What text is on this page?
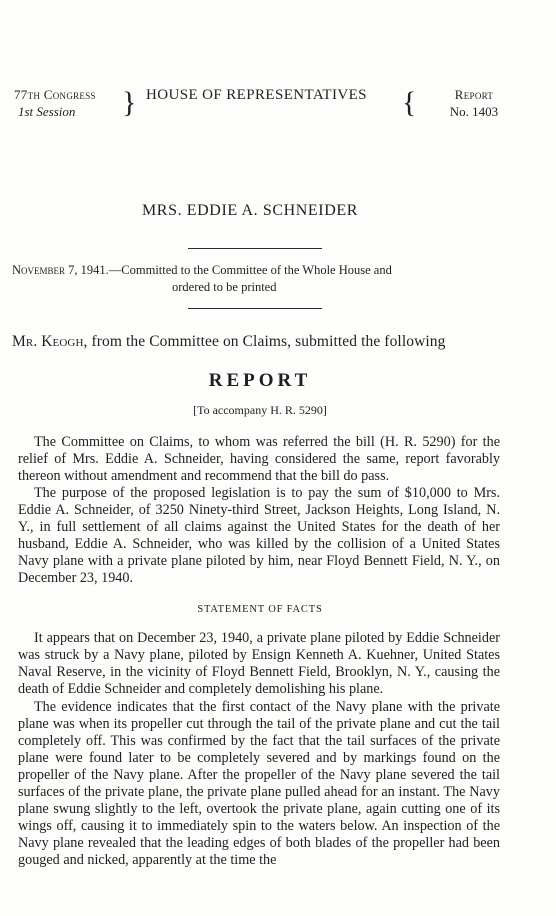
77th Congress
1st Session	} HOUSE OF REPRESENTATIVES {	Report
No. 1403
MRS. EDDIE A. SCHNEIDER
November 7, 1941.—Committed to the Committee of the Whole House and
ordered to be printed
Mr. Keogh, from the Committee on Claims, submitted the following
REPORT
[To accompany H. R. 5290]

The Committee on Claims, to whom was referred the bill (H. R. 5290) for the relief of Mrs. Eddie A. Schneider, having considered the same, report favorably thereon without amendment and recommend that the bill do pass.

The purpose of the proposed legislation is to pay the sum of $10,000 to Mrs. Eddie A. Schneider, of 3250 Ninety-third Street, Jackson Heights, Long Island, N. Y., in full settlement of all claims against the United States for the death of her husband, Eddie A. Schneider, who was killed by the collision of a United States Navy plane with a private plane piloted by him, near Floyd Bennett Field, N. Y., on December 23, 1940.

STATEMENT OF FACTS

It appears that on December 23, 1940, a private plane piloted by Eddie Schneider was struck by a Navy plane, piloted by Ensign Kenneth A. Kuehner, United States Naval Reserve, in the vicinity of Floyd Bennett Field, Brooklyn, N. Y., causing the death of Eddie Schneider and completely demolishing his plane.

The evidence indicates that the first contact of the Navy plane with the private plane was when its propeller cut through the tail of the private plane and cut the tail completely off. This was confirmed by the fact that the tail surfaces of the private plane were found later to be completely severed and by markings found on the propeller of the Navy plane. After the propeller of the Navy plane severed the tail surfaces of the private plane, the private plane pulled ahead for an instant. The Navy plane swung slightly to the left, overtook the private plane, again cutting one of its wings off, causing it to immediately spin to the waters below. An inspection of the Navy plane revealed that the leading edges of both blades of the propeller had been gouged and nicked, apparently at the time the
